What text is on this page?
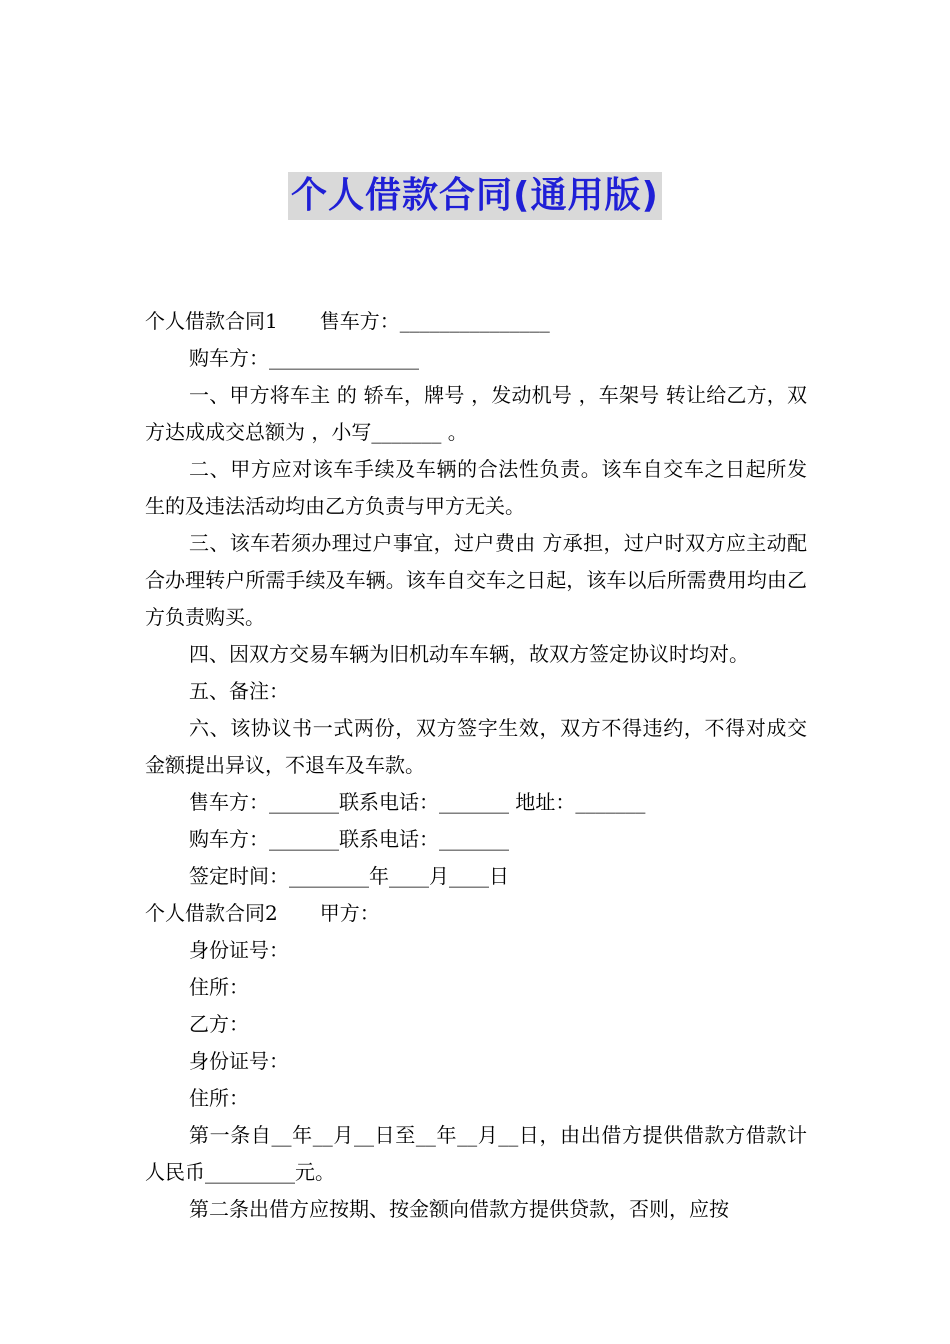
个人借款合同(通用版)

个人借款合同1 售车方：_______________

购车方：_______________

一、甲方将车主 的 轿车，牌号 ，发动机号 ，车架号 转让给乙方，双方达成成交总额为 ，小写_______ 。

二、甲方应对该车手续及车辆的合法性负责。该车自交车之日起所发生的及违法活动均由乙方负责与甲方无关。

三、该车若须办理过户事宜，过户费由 方承担，过户时双方应主动配合办理转户所需手续及车辆。该车自交车之日起，该车以后所需费用均由乙方负责购买。

四、因双方交易车辆为旧机动车车辆，故双方签定协议时均对。

五、备注：

六、该协议书一式两份，双方签字生效，双方不得违约，不得对成交金额提出异议，不退车及车款。

售车方：_______联系电话：_______ 地址：_______

购车方：_______联系电话：_______

签定时间：________年____月____日

个人借款合同2 甲方：

身份证号：

住所：

乙方：

身份证号：

住所：

第一条自__年__月__日至__年__月__日，由出借方提供借款方借款计人民币_________元。

第二条出借方应按期、按金额向借款方提供贷款，否则，应按
